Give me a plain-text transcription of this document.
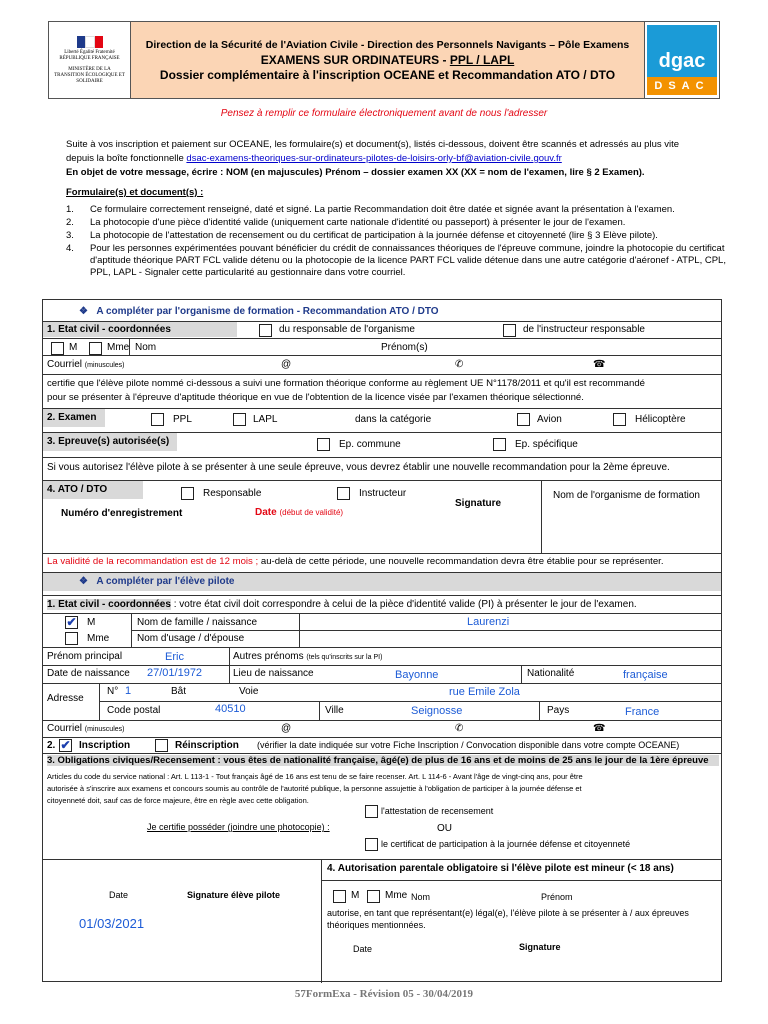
Liberté Égalité Fraternité RÉPUBLIQUE FRANÇAISE
MINISTÈRE DE LA TRANSITION ÉCOLOGIQUE ET SOLIDAIRE
Direction de la Sécurité de l'Aviation Civile - Direction des Personnels Navigants – Pôle Examens
EXAMENS SUR ORDINATEURS - PPL / LAPL
Dossier complémentaire à l'inscription OCEANE et Recommandation ATO / DTO
dgac
DSAC
Pensez à remplir ce formulaire électroniquement avant de nous l'adresser
Suite à vos inscription et paiement sur OCEANE, les formulaire(s) et document(s), listés ci-dessous, doivent être scannés et adressés au plus vite
depuis la boîte fonctionnelle dsac-examens-theoriques-sur-ordinateurs-pilotes-de-loisirs-orly-bf@aviation-civile.gouv.fr
En objet de votre message, écrire : NOM (en majuscules) Prénom – dossier examen XX (XX = nom de l'examen, lire § 2 Examen).
Formulaire(s) et document(s) :
1.	Ce formulaire correctement renseigné, daté et signé. La partie Recommandation doit être datée et signée avant la présentation à l'examen.
2.	La photocopie d'une pièce d'identité valide (uniquement carte nationale d'identité ou passeport) à présenter le jour de l'examen.
3.	La photocopie de l'attestation de recensement ou du certificat de participation à la journée défense et citoyenneté (lire § 3 Elève pilote).
4.	Pour les personnes expérimentées pouvant bénéficier du crédit de connaissances théoriques de l'épreuve commune, joindre la photocopie du certificat d'aptitude théorique PART FCL valide détenu ou la photocopie de la licence PART FCL valide détenue dans une autre catégorie d'aéronef - ATPL, CPL, PPL, LAPL - Signaler cette particularité au gestionnaire dans votre courriel.
❖   A compléter par l'organisme de formation - Recommandation ATO / DTO
1. Etat civil - coordonnées	du responsable de l'organisme	de l'instructeur responsable
M	Mme Nom	Prénom(s)
Courriel (minuscules)	@	✆	☎
certifie que l'élève pilote nommé ci-dessous a suivi une formation théorique conforme au règlement UE N°1178/2011 et qu'il est recommandé
pour se présenter à l'épreuve d'aptitude théorique en vue de l'obtention de la licence visée par l'examen théorique sélectionné.
2. Examen	PPL	LAPL	dans la catégorie	Avion	Hélicoptère
3. Epreuve(s) autorisée(s)	Ep. commune	Ep. spécifique
Si vous autorisez l'élève pilote à se présenter à une seule épreuve, vous devrez établir une nouvelle recommandation pour la 2ème épreuve.
4. ATO / DTO	Responsable	Instructeur
Signature
Nom de l'organisme de formation
Numéro d'enregistrement	Date (début de validité)
La validité de la recommandation est de 12 mois ; au-delà de cette période, une nouvelle recommandation devra être établie pour se représenter.
❖   A compléter par l'élève pilote
1. Etat civil - coordonnées : votre état civil doit correspondre à celui de la pièce d'identité valide (PI) à présenter le jour de l'examen.
✔ M
Mme
Nom de famille / naissance	Laurenzi
Nom d'usage / d'épouse
Prénom principal	Eric	Autres prénoms (tels qu'inscrits sur la PI)
Date de naissance 27/01/1972	Lieu de naissance	Bayonne	Nationalité	française
Adresse
N° 1	Bât	Voie	rue Emile Zola
Code postal	40510	Ville	Seignosse	Pays	France
Courriel (minuscules)	@	✆	☎
2. ✔ Inscription	Réinscription (vérifier la date indiquée sur votre Fiche Inscription / Convocation disponible dans votre compte OCEANE)
3. Obligations civiques/Recensement : vous êtes de nationalité française, âgé(e) de plus de 16 ans et de moins de 25 ans le jour de la 1ère épreuve
Articles du code du service national : Art. L 113-1 - Tout français âgé de 16 ans est tenu de se faire recenser. Art. L 114-6 - Avant l'âge de vingt-cinq ans, pour être
autorisée à s'inscrire aux examens et concours soumis au contrôle de l'autorité publique, la personne assujettie à l'obligation de participer à la journée défense et
citoyenneté doit, sauf cas de force majeure, être en règle avec cette obligation.
l'attestation de recensement
Je certifie posséder (joindre une photocopie) :	OU
le certificat de participation à la journée défense et citoyenneté
4. Autorisation parentale obligatoire si l'élève pilote est mineur (< 18 ans)
Date	Signature élève pilote
01/03/2021
M	Mme Nom	Prénom
autorise, en tant que représentant(e) légal(e), l'élève pilote à se présenter à / aux épreuves
théoriques mentionnées.
Date	Signature
57FormExa - Révision 05 - 30/04/2019
